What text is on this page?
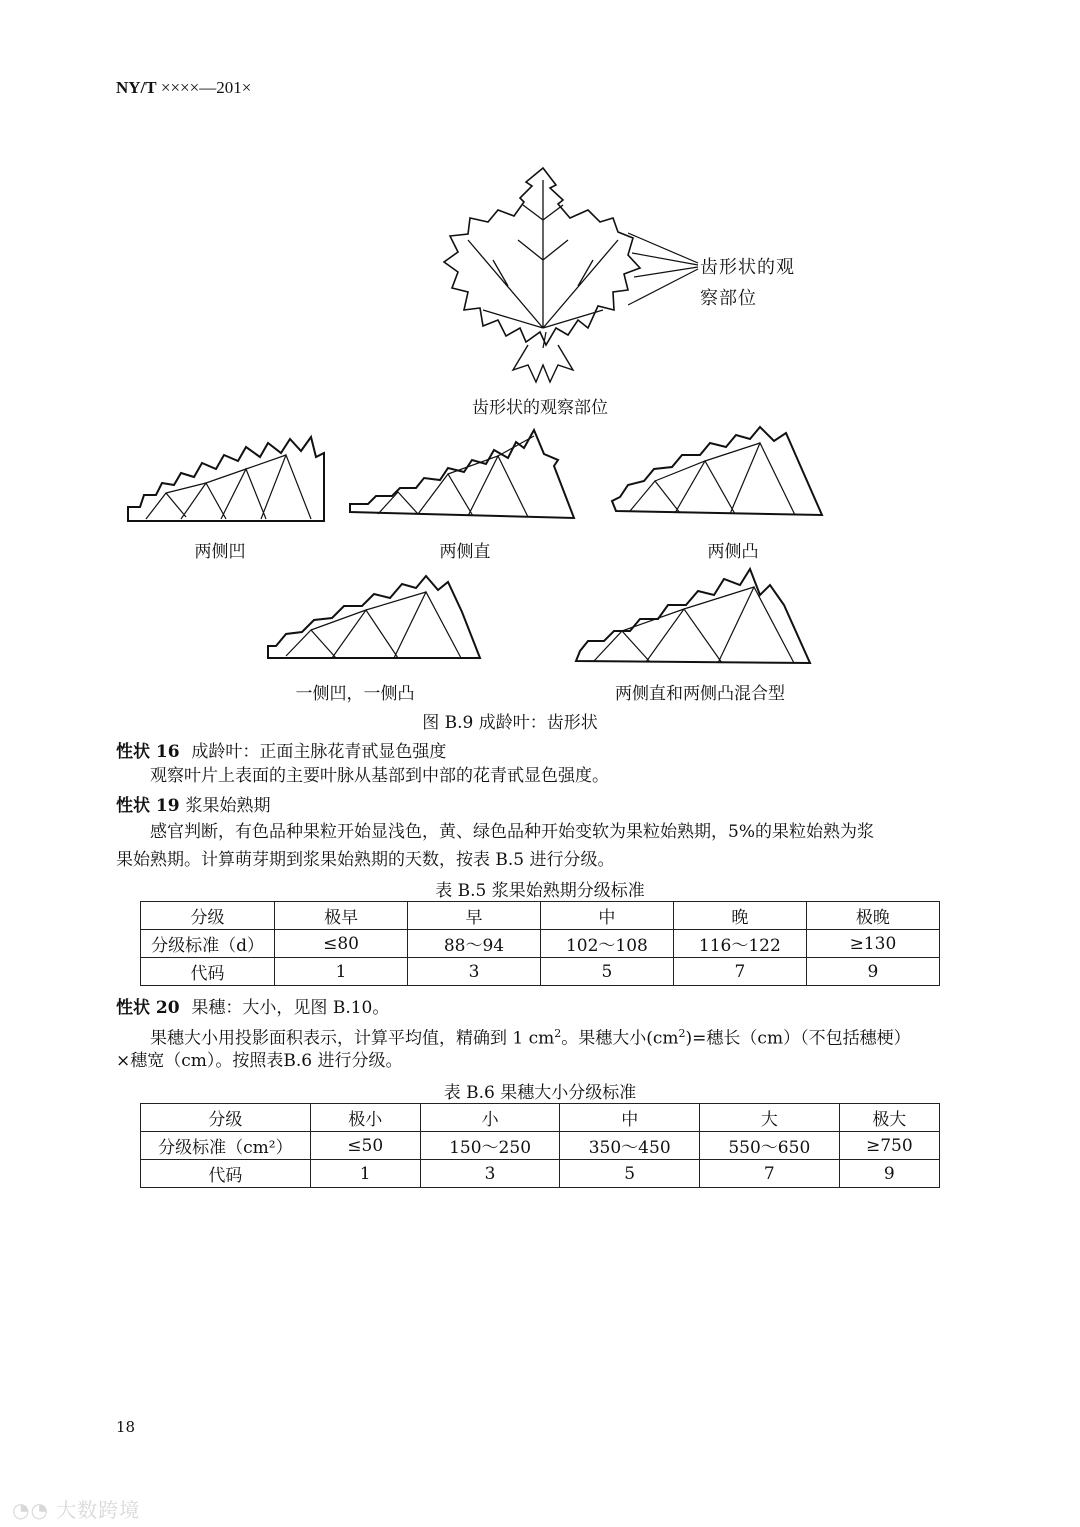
NY/T ××××—201×
齿形状的观
察部位
齿形状的观察部位
两侧凹	两侧直	两侧凸
一侧凹，一侧凸	两侧直和两侧凸混合型
图 B.9 成龄叶：齿形状
性状 16 成龄叶：正面主脉花青甙显色强度
观察叶片上表面的主要叶脉从基部到中部的花青甙显色强度。
性状 19 浆果始熟期
感官判断，有色品种果粒开始显浅色，黄、绿色品种开始变软为果粒始熟期，5%的果粒始熟为浆
果始熟期。计算萌芽期到浆果始熟期的天数，按表 B.5 进行分级。
表 B.5 浆果始熟期分级标准
分级	极早	早	中	晚	极晚
分级标准（d）	≤80	88～94	102～108	116～122	≥130
代码	1	3	5	7	9
性状 20 果穗：大小，见图 B.10。
果穗大小用投影面积表示，计算平均值，精确到 1 $cm^2$。果穗大小$(cm^2)=$穗长（cm）（不包括穗梗）
×穗宽（cm）。按照表B.6 进行分级。
表 B.6 果穗大小分级标准
分级	极小	小	中	大	极大
分级标准（cm²）	≤50	150～250	350～450	550～650	≥750
代码	1	3	5	7	9
18
◔◔ 大数跨境
